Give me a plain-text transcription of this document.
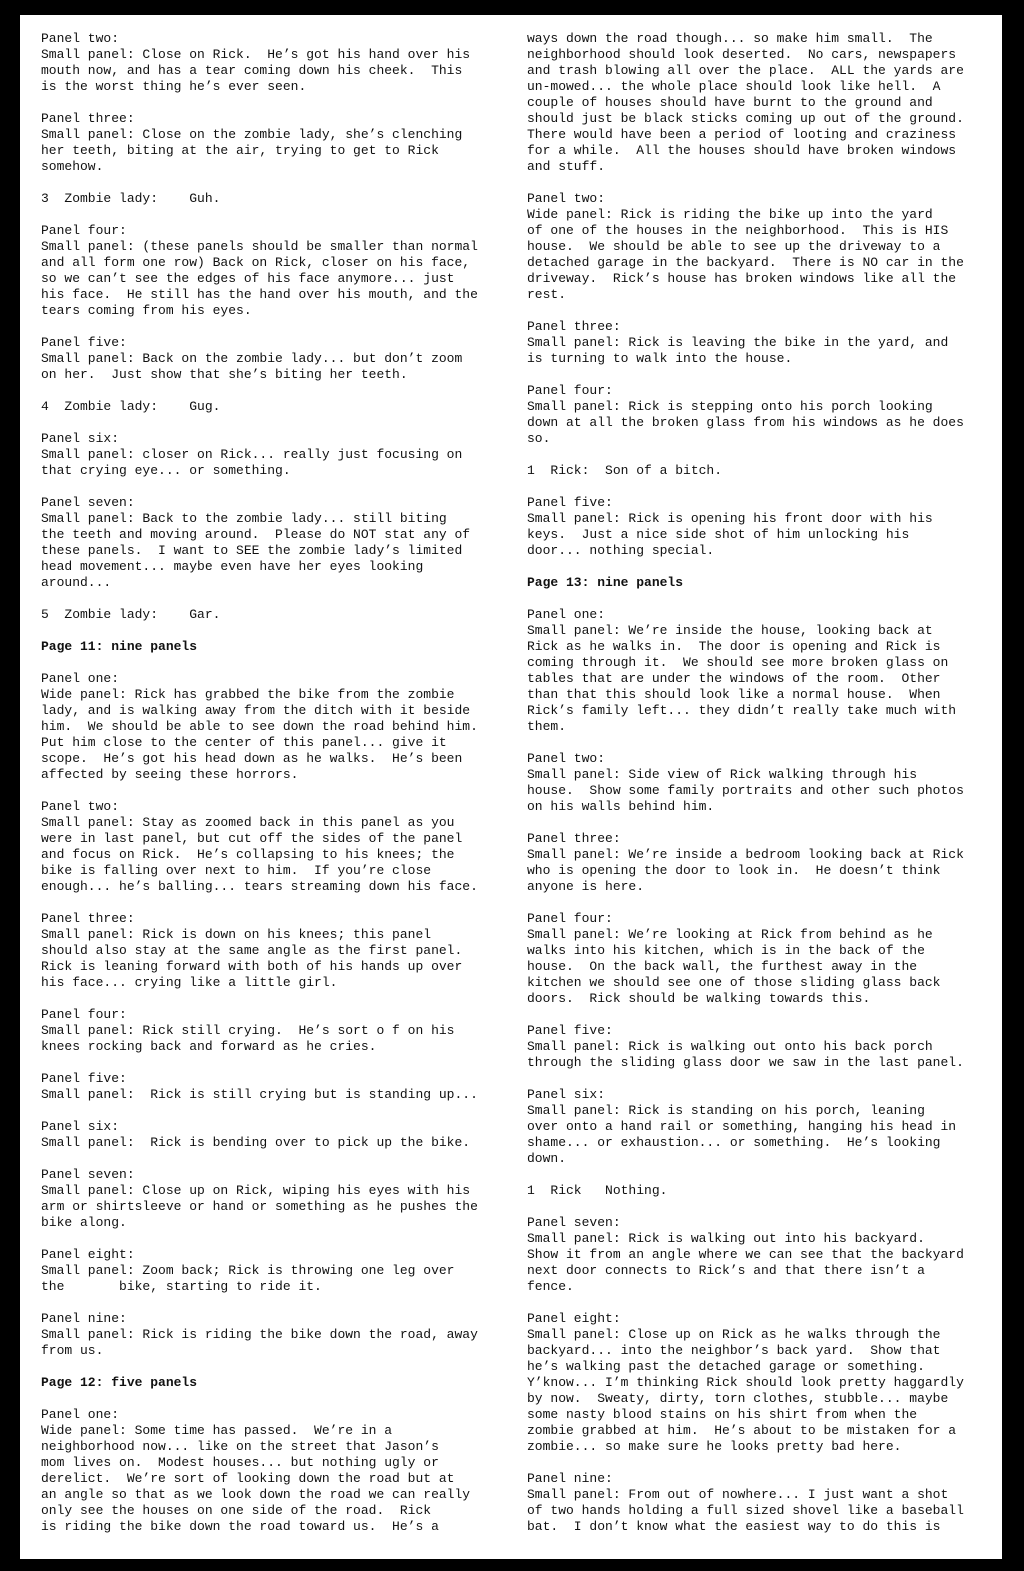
Panel two:
Small panel: Close on Rick.  He’s got his hand over his
mouth now, and has a tear coming down his cheek.  This
is the worst thing he’s ever seen.
Panel three:
Small panel: Close on the zombie lady, she’s clenching
her teeth, biting at the air, trying to get to Rick
somehow.
3  Zombie lady:    Guh.
Panel four:
Small panel: (these panels should be smaller than normal
and all form one row) Back on Rick, closer on his face,
so we can’t see the edges of his face anymore... just
his face.  He still has the hand over his mouth, and the
tears coming from his eyes.
Panel five:
Small panel: Back on the zombie lady... but don’t zoom
on her.  Just show that she’s biting her teeth.
4  Zombie lady:    Gug.
Panel six:
Small panel: closer on Rick... really just focusing on
that crying eye... or something.
Panel seven:
Small panel: Back to the zombie lady... still biting
the teeth and moving around.  Please do NOT stat any of
these panels.  I want to SEE the zombie lady’s limited
head movement... maybe even have her eyes looking
around...
5  Zombie lady:    Gar.
Page 11: nine panels
Panel one:
Wide panel: Rick has grabbed the bike from the zombie
lady, and is walking away from the ditch with it beside
him.  We should be able to see down the road behind him.
Put him close to the center of this panel... give it
scope.  He’s got his head down as he walks.  He’s been
affected by seeing these horrors.
Panel two:
Small panel: Stay as zoomed back in this panel as you
were in last panel, but cut off the sides of the panel
and focus on Rick.  He’s collapsing to his knees; the
bike is falling over next to him.  If you’re close
enough... he’s balling... tears streaming down his face.
Panel three:
Small panel: Rick is down on his knees; this panel
should also stay at the same angle as the first panel.
Rick is leaning forward with both of his hands up over
his face... crying like a little girl.
Panel four:
Small panel: Rick still crying.  He’s sort o f on his
knees rocking back and forward as he cries.
Panel five:
Small panel:  Rick is still crying but is standing up...
Panel six:
Small panel:  Rick is bending over to pick up the bike.
Panel seven:
Small panel: Close up on Rick, wiping his eyes with his
arm or shirtsleeve or hand or something as he pushes the
bike along.
Panel eight:
Small panel: Zoom back; Rick is throwing one leg over
the       bike, starting to ride it.
Panel nine:
Small panel: Rick is riding the bike down the road, away
from us.
Page 12: five panels
Panel one:
Wide panel: Some time has passed.  We’re in a
neighborhood now... like on the street that Jason’s
mom lives on.  Modest houses... but nothing ugly or
derelict.  We’re sort of looking down the road but at
an angle so that as we look down the road we can really
only see the houses on one side of the road.  Rick
is riding the bike down the road toward us.  He’s a
ways down the road though... so make him small.  The
neighborhood should look deserted.  No cars, newspapers
and trash blowing all over the place.  ALL the yards are
un-mowed... the whole place should look like hell.  A
couple of houses should have burnt to the ground and
should just be black sticks coming up out of the ground.
There would have been a period of looting and craziness
for a while.  All the houses should have broken windows
and stuff.
Panel two:
Wide panel: Rick is riding the bike up into the yard
of one of the houses in the neighborhood.  This is HIS
house.  We should be able to see up the driveway to a
detached garage in the backyard.  There is NO car in the
driveway.  Rick’s house has broken windows like all the
rest.
Panel three:
Small panel: Rick is leaving the bike in the yard, and
is turning to walk into the house.
Panel four:
Small panel: Rick is stepping onto his porch looking
down at all the broken glass from his windows as he does
so.
1  Rick:  Son of a bitch.
Panel five:
Small panel: Rick is opening his front door with his
keys.  Just a nice side shot of him unlocking his
door... nothing special.
Page 13: nine panels
Panel one:
Small panel: We’re inside the house, looking back at
Rick as he walks in.  The door is opening and Rick is
coming through it.  We should see more broken glass on
tables that are under the windows of the room.  Other
than that this should look like a normal house.  When
Rick’s family left... they didn’t really take much with
them.
Panel two:
Small panel: Side view of Rick walking through his
house.  Show some family portraits and other such photos
on his walls behind him.
Panel three:
Small panel: We’re inside a bedroom looking back at Rick
who is opening the door to look in.  He doesn’t think
anyone is here.
Panel four:
Small panel: We’re looking at Rick from behind as he
walks into his kitchen, which is in the back of the
house.  On the back wall, the furthest away in the
kitchen we should see one of those sliding glass back
doors.  Rick should be walking towards this.
Panel five:
Small panel: Rick is walking out onto his back porch
through the sliding glass door we saw in the last panel.
Panel six:
Small panel: Rick is standing on his porch, leaning
over onto a hand rail or something, hanging his head in
shame... or exhaustion... or something.  He’s looking
down.
1  Rick   Nothing.
Panel seven:
Small panel: Rick is walking out into his backyard.
Show it from an angle where we can see that the backyard
next door connects to Rick’s and that there isn’t a
fence.
Panel eight:
Small panel: Close up on Rick as he walks through the
backyard... into the neighbor’s back yard.  Show that
he’s walking past the detached garage or something.
Y’know... I’m thinking Rick should look pretty haggardly
by now.  Sweaty, dirty, torn clothes, stubble... maybe
some nasty blood stains on his shirt from when the
zombie grabbed at him.  He’s about to be mistaken for a
zombie... so make sure he looks pretty bad here.
Panel nine:
Small panel: From out of nowhere... I just want a shot
of two hands holding a full sized shovel like a baseball
bat.  I don’t know what the easiest way to do this is
